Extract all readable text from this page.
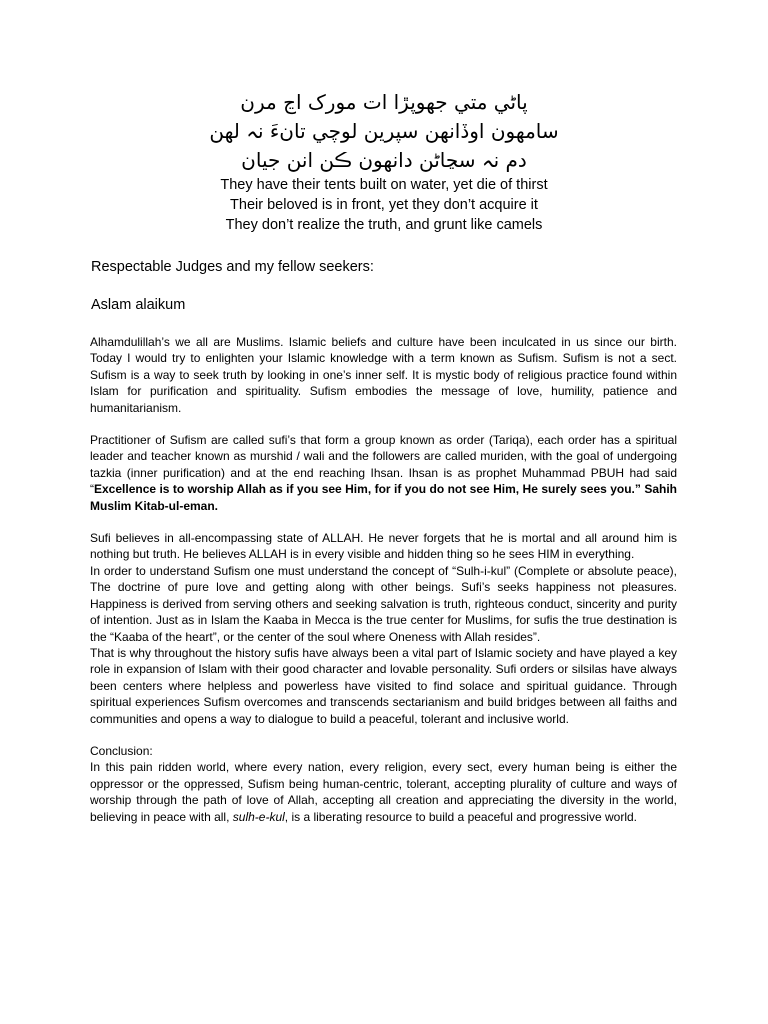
پاڻي متي جهوپڙا ات مورک اڃ مرن
سامهون اوڏانهن سپرين لوچي تانءَ نہ لهن
دم نہ سڃاڻن دانهون ڪن انن جيان
They have their tents built on water, yet die of thirst
Their beloved is in front, yet they don’t acquire it
They don’t realize the truth, and grunt like camels
Respectable Judges and my fellow seekers:
Aslam alaikum

Alhamdulillah’s we all are Muslims. Islamic beliefs and culture have been inculcated in us since our birth. Today I would try to enlighten your Islamic knowledge with a term known as Sufism. Sufism is not a sect. Sufism is a way to seek truth by looking in one’s inner self. It is mystic body of religious practice found within Islam for purification and spirituality. Sufism embodies the message of love, humility, patience and humanitarianism.

Practitioner of Sufism are called sufi’s that form a group known as order (Tariqa), each order has a spiritual leader and teacher known as murshid / wali and the followers are called muriden, with the goal of undergoing tazkia (inner purification) and at the end reaching Ihsan. Ihsan is as prophet Muhammad PBUH had said “Excellence is to worship Allah as if you see Him, for if you do not see Him, He surely sees you.” Sahih Muslim Kitab-ul-eman.

Sufi believes in all-encompassing state of ALLAH. He never forgets that he is mortal and all around him is nothing but truth. He believes ALLAH is in every visible and hidden thing so he sees HIM in everything.

In order to understand Sufism one must understand the concept of “Sulh-i-kul” (Complete or absolute peace), The doctrine of pure love and getting along with other beings. Sufi’s seeks happiness not pleasures. Happiness is derived from serving others and seeking salvation is truth, righteous conduct, sincerity and purity of intention. Just as in Islam the Kaaba in Mecca is the true center for Muslims, for sufis the true destination is the “Kaaba of the heart”, or the center of the soul where Oneness with Allah resides”.

That is why throughout the history sufis have always been a vital part of Islamic society and have played a key role in expansion of Islam with their good character and lovable personality. Sufi orders or silsilas have always been centers where helpless and powerless have visited to find solace and spiritual guidance. Through spiritual experiences Sufism overcomes and transcends sectarianism and build bridges between all faiths and communities and opens a way to dialogue to build a peaceful, tolerant and inclusive world.

Conclusion:

In this pain ridden world, where every nation, every religion, every sect, every human being is either the oppressor or the oppressed, Sufism being human-centric, tolerant, accepting plurality of culture and ways of worship through the path of love of Allah, accepting all creation and appreciating the diversity in the world, believing in peace with all, sulh-e-kul, is a liberating resource to build a peaceful and progressive world.
